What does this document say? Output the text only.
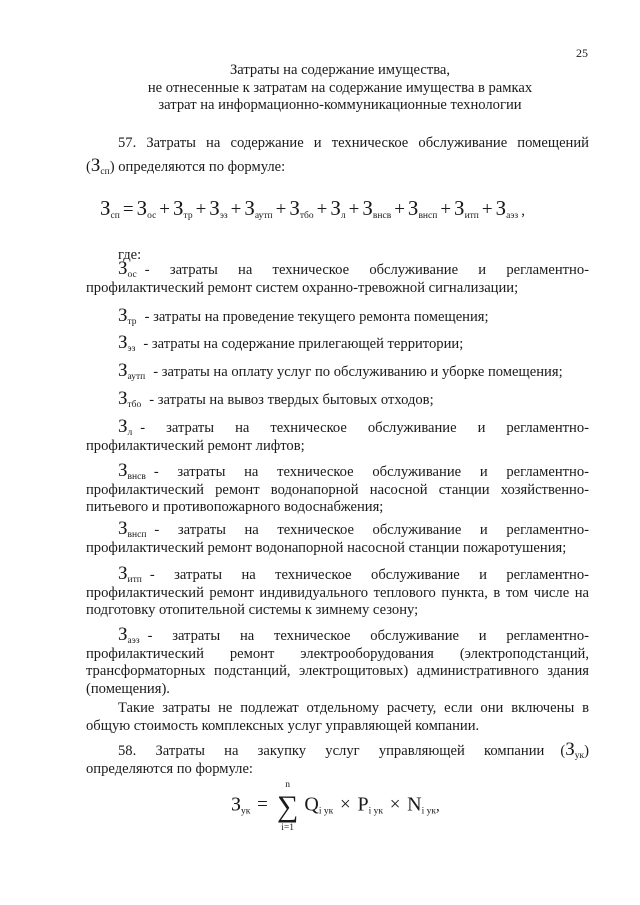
25
Затраты на содержание имущества,
не отнесенные к затратам на содержание имущества в рамках
затрат на информационно-коммуникационные технологии
57. Затраты на содержание и техническое обслуживание помещений
$(З_{сп})$ определяются по формуле:
$З_{сп} = З_{ос} + З_{тр} + З_{эз} + З_{аутп} + З_{тбо} + З_л + З_{внсв} + З_{внсп} + З_{итп} + З_{аэз}$ ,
где:
$З_{ос}$ - затраты на техническое обслуживание и регламентно-
профилактический ремонт систем охранно-тревожной сигнализации;
$З_{тр}$ - затраты на проведение текущего ремонта помещения;
$З_{эз}$ - затраты на содержание прилегающей территории;
$З_{аутп}$ - затраты на оплату услуг по обслуживанию и уборке помещения;
$З_{тбо}$ - затраты на вывоз твердых бытовых отходов;
$З_л$ - затраты на техническое обслуживание и регламентно-
профилактический ремонт лифтов;
$З_{внсв}$ - затраты на техническое обслуживание и регламентно-
профилактический ремонт водонапорной насосной станции хозяйственно-питьевого и противопожарного водоснабжения;
$З_{внсп}$ - затраты на техническое обслуживание и регламентно-
профилактический ремонт водонапорной насосной станции пожаротушения;
$З_{итп}$ - затраты на техническое обслуживание и регламентно-
профилактический ремонт индивидуального теплового пункта, в том числе на подготовку отопительной системы к зимнему сезону;
$З_{аэз}$ - затраты на техническое обслуживание и регламентно-
профилактический ремонт электрооборудования (электроподстанций, трансформаторных подстанций, электрощитовых) административного здания (помещения).
Такие затраты не подлежат отдельному расчету, если они включены в общую стоимость комплексных услуг управляющей компании.
58. Затраты на закупку услуг управляющей компании $(З_{ук})$
определяются по формуле:
$З_{ук}$ =
n
∑
i=1
$Q_{i ук} \times P_{i ук} \times N_{i ук}$,
